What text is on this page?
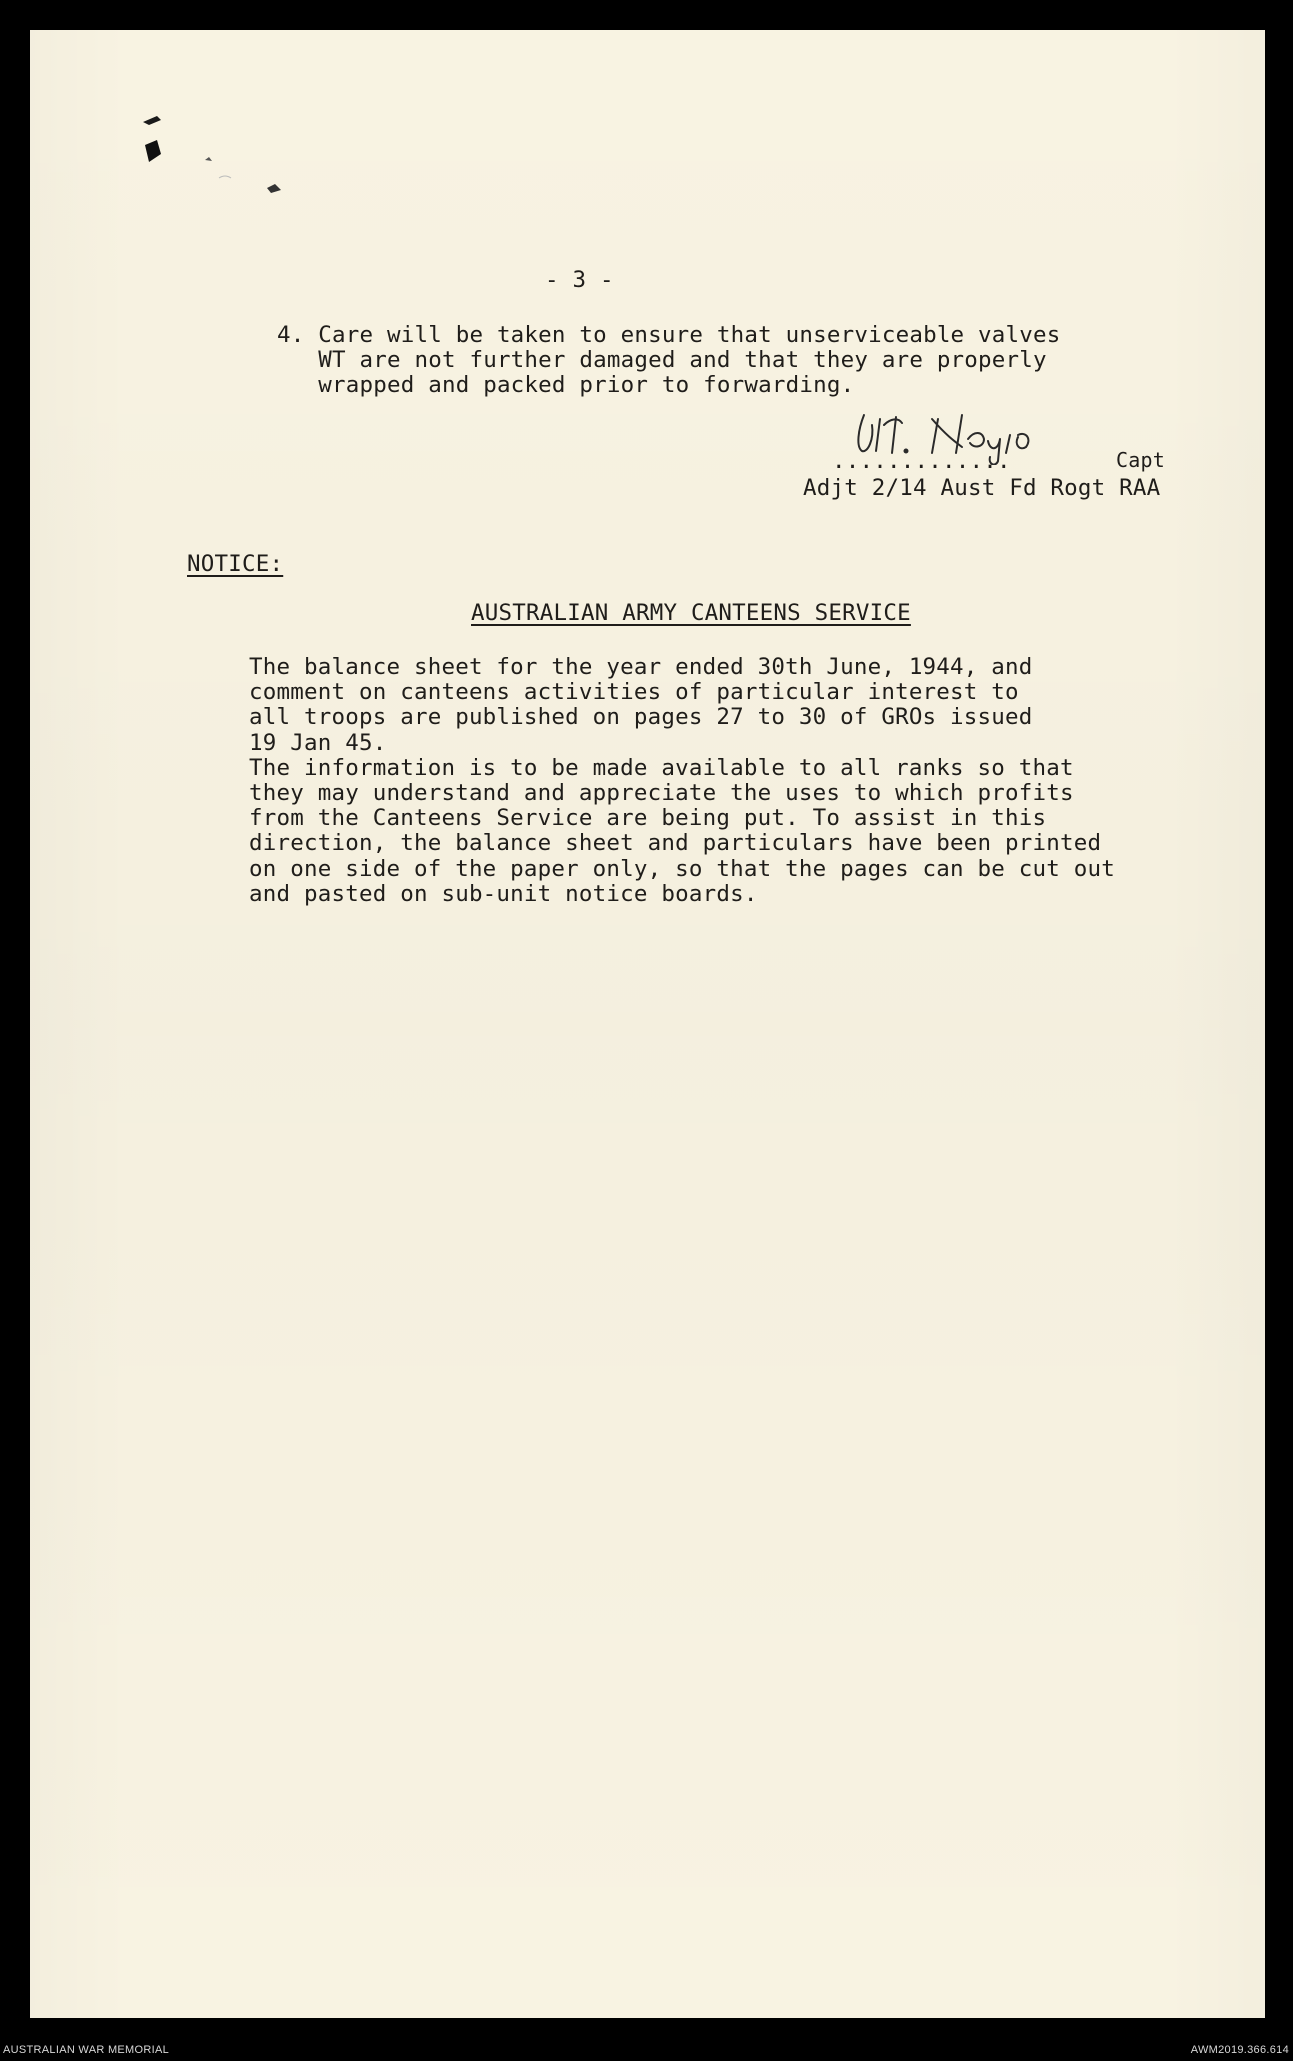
- 3 -
4. Care will be taken to ensure that unserviceable valves
WT are not further damaged and that they are properly
wrapped and packed prior to forwarding.
.............	Capt
Adjt 2/14 Aust Fd Rogt RAA
NOTICE:
AUSTRALIAN ARMY CANTEENS SERVICE
The balance sheet for the year ended 30th June, 1944, and
comment on canteens activities of particular interest to
all troops are published on pages 27 to 30 of GROs issued
19 Jan 45.
The information is to be made available to all ranks so that
they may understand and appreciate the uses to which profits
from the Canteens Service are being put. To assist in this
direction, the balance sheet and particulars have been printed
on one side of the paper only, so that the pages can be cut out
and pasted on sub-unit notice boards.
AUSTRALIAN WAR MEMORIAL	AWM2019.366.614
